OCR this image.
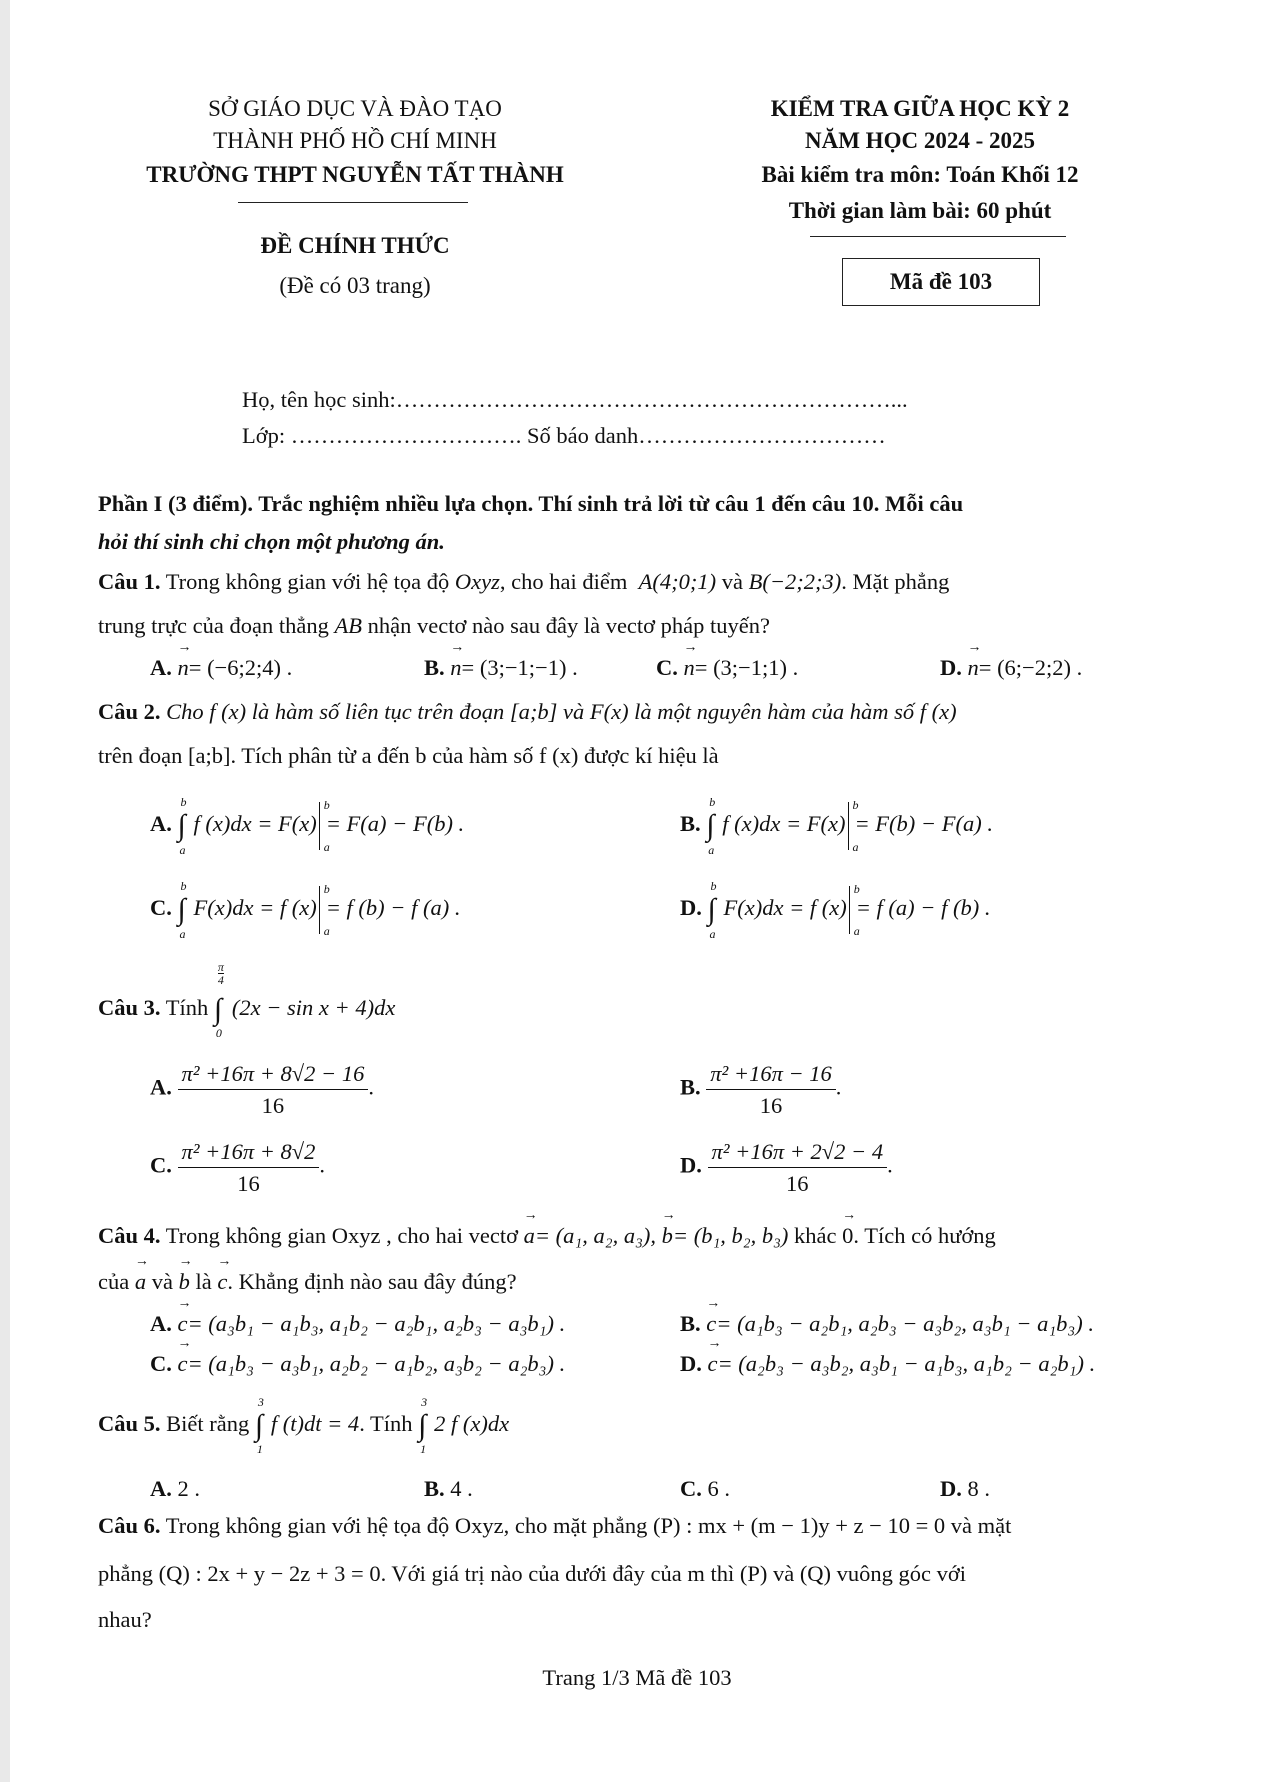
SỞ GIÁO DỤC VÀ ĐÀO TẠO
THÀNH PHỐ HỒ CHÍ MINH
TRƯỜNG THPT NGUYỄN TẤT THÀNH
ĐỀ CHÍNH THỨC
(Đề có 03 trang)
KIỂM TRA GIỮA HỌC KỲ 2
NĂM HỌC 2024 - 2025
Bài kiểm tra môn: Toán Khối 12
Thời gian làm bài: 60 phút
Mã đề 103
Họ, tên học sinh:…………………………………………………………...
Lớp: …………………………. Số báo danh……………………………
Phần I (3 điểm). Trắc nghiệm nhiều lựa chọn. Thí sinh trả lời từ câu 1 đến câu 10. Mỗi câu
hỏi thí sinh chỉ chọn một phương án.
Câu 1. Trong không gian với hệ tọa độ Oxyz, cho hai điểm A(4;0;1) và B(−2;2;3). Mặt phẳng
trung trực của đoạn thẳng AB nhận vectơ nào sau đây là vectơ pháp tuyến?
A. → n= (−6;2;4) .	B. → n= (3;−1;−1) .	C. → n= (3;−1;1) .	D. → n= (6;−2;2) .
Câu 2. Cho f (x) là hàm số liên tục trên đoạn [a;b] và F(x) là một nguyên hàm của hàm số f (x)
trên đoạn [a;b]. Tích phân từ a đến b của hàm số f (x) được kí hiệu là
A.
b
∫
a
f (x)dx = F(x)
b
a
= F(a) − F(b) .	B.
b
∫
a
f (x)dx = F(x)
b
a
= F(b) − F(a) .
C.
b
∫
a
F(x)dx = f (x)
b
a
= f (b) − f (a) .	D.
b
∫
a
F(x)dx = f (x)
b
a
= f (a) − f (b) .
Câu 3. Tính
$\frac{\pi}{4}$
∫
0
(2x − sin x + 4)dx
A. $\frac{\text{π² +16π + 8√2 − 16}}{16}$ .	B. $\frac{\text{π² +16π − 16}}{16}$ .
C. $\frac{\text{π² +16π + 8√2}}{16}$ .	D. $\frac{\text{π² +16π + 2√2 − 4}}{16}$ .
Câu 4. Trong không gian Oxyz , cho hai vectơ → a= (a₁, a₂, a₃), → b= (b₁, b₂, b₃) khác → 0. Tích có hướng
của → a và → b là → c. Khẳng định nào sau đây đúng?
A. → c= (a₃b₁ − a₁b₃, a₁b₂ − a₂b₁, a₂b₃ − a₃b₁) .	B. → c= (a₁b₃ − a₂b₁, a₂b₃ − a₃b₂, a₃b₁ − a₁b₃) .
C. → c= (a₁b₃ − a₃b₁, a₂b₂ − a₁b₂, a₃b₂ − a₂b₃) .	D. → c= (a₂b₃ − a₃b₂, a₃b₁ − a₁b₃, a₁b₂ − a₂b₁) .
Câu 5. Biết rằng
3
∫
1
f (t)dt = 4. Tính
3
∫
1
2 f (x)dx
A. 2 .	B. 4 .	C. 6 .	D. 8 .
Câu 6. Trong không gian với hệ tọa độ Oxyz, cho mặt phẳng (P) : mx + (m − 1)y + z − 10 = 0 và mặt
phẳng (Q) : 2x + y − 2z + 3 = 0. Với giá trị nào của dưới đây của m thì (P) và (Q) vuông góc với
nhau?
Trang 1/3 Mã đề 103
